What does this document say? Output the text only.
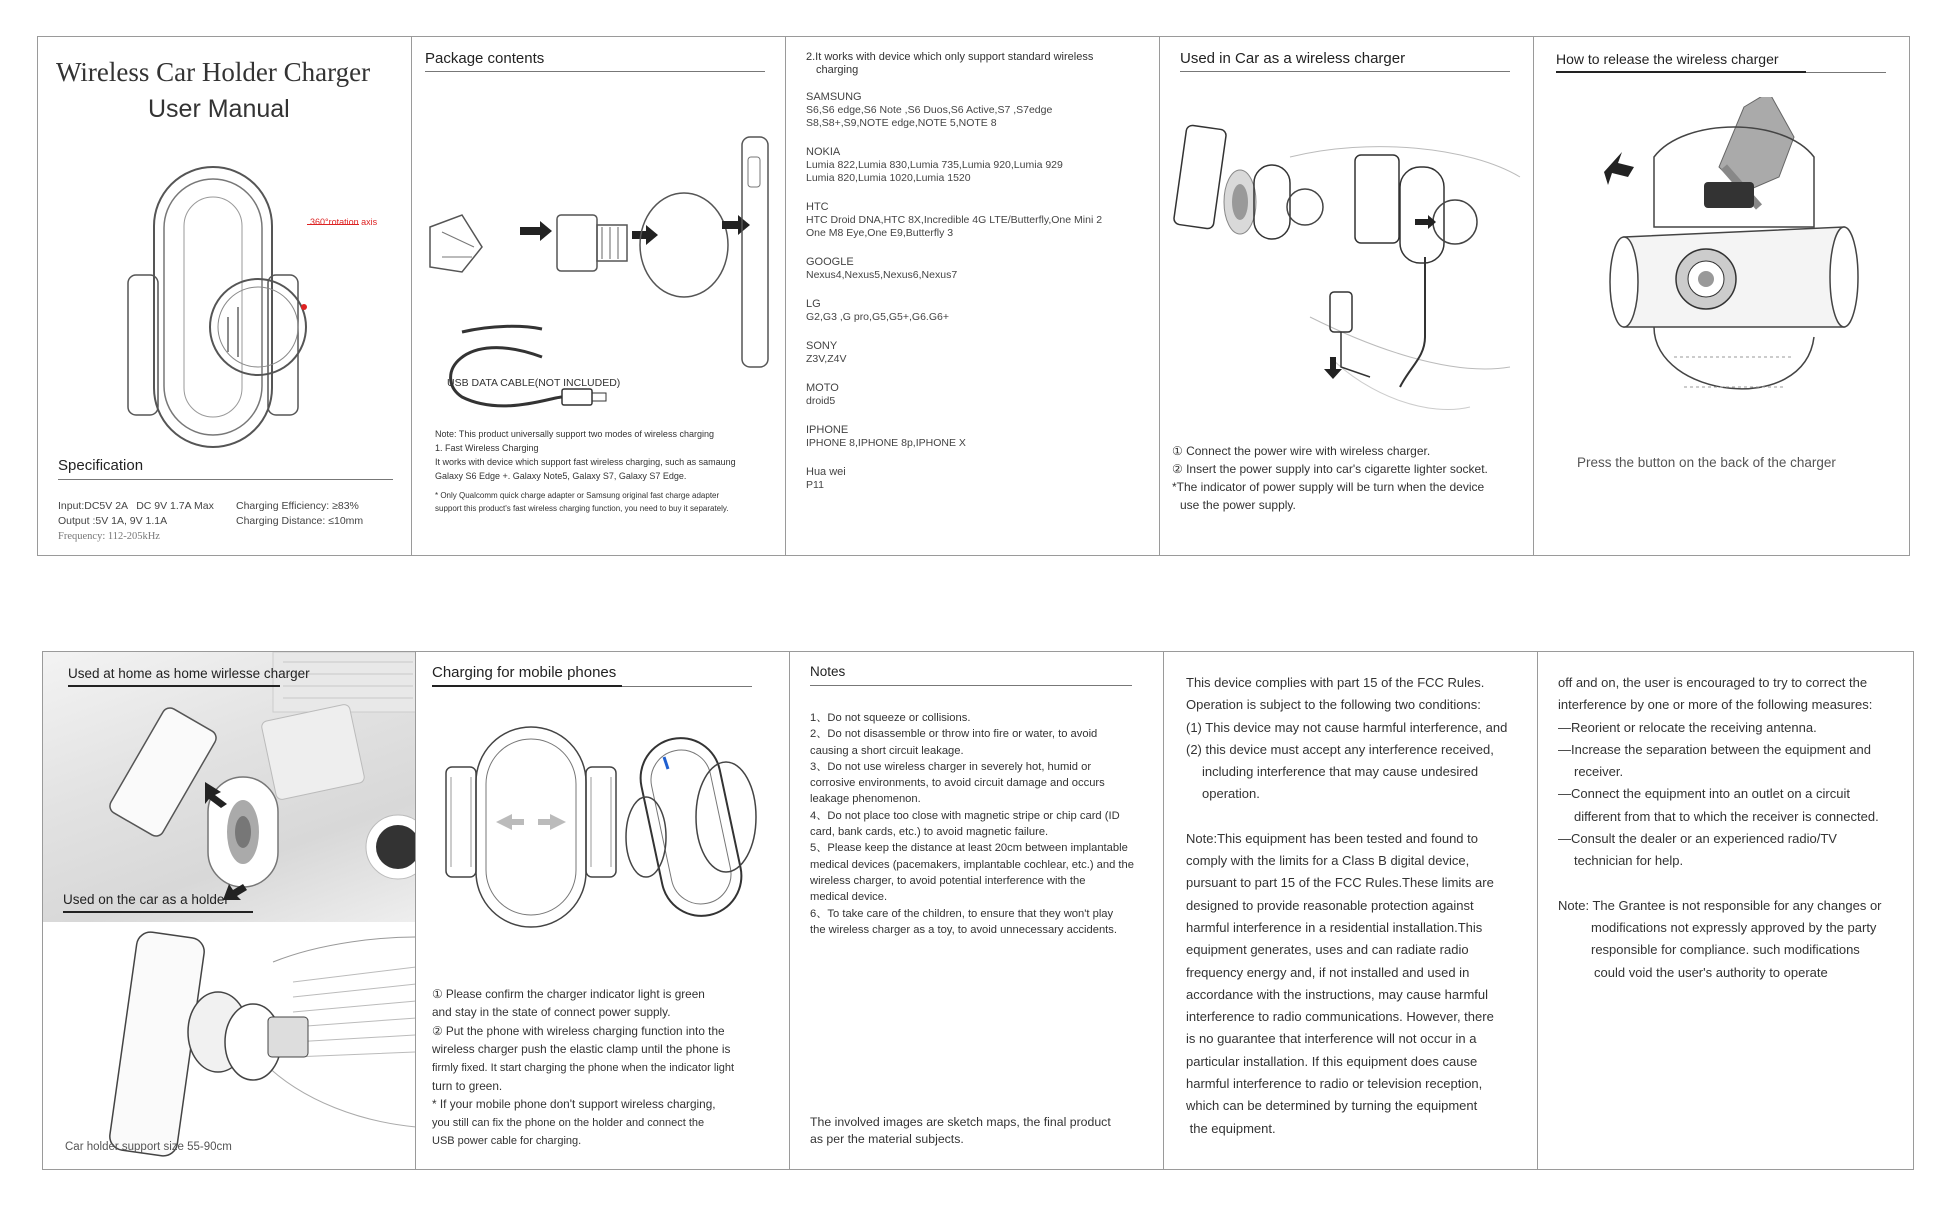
Wireless Car Holder Charger
User Manual
360°rotation axis
Specification
Input:DC5V 2A   DC 9V 1.7A Max
Output :5V 1A, 9V 1.1A
Frequency: 112-205kHz
Charging Efficiency: ≥83%
Charging Distance: ≤10mm
Package contents
USB DATA CABLE(NOT INCLUDED)
Note: This product universally support two modes of wireless charging
1. Fast Wireless Charging
It works with device which support fast wireless charging, such as samaung
Galaxy S6 Edge +. Galaxy Note5, Galaxy S7, Galaxy S7 Edge.
* Only Qualcomm quick charge adapter or Samsung original fast charge adapter
support this product's fast wireless charging function, you need to buy it separately.
2.It works with device which only support standard wireless
charging
SAMSUNG
S6,S6 edge,S6 Note ,S6 Duos,S6 Active,S7 ,S7edge
S8,S8+,S9,NOTE edge,NOTE 5,NOTE 8
NOKIA
Lumia 822,Lumia 830,Lumia 735,Lumia 920,Lumia 929
Lumia 820,Lumia 1020,Lumia 1520
HTC
HTC Droid DNA,HTC 8X,Incredible 4G LTE/Butterfly,One Mini 2
One M8 Eye,One E9,Butterfly 3
GOOGLE
Nexus4,Nexus5,Nexus6,Nexus7
LG
G2,G3 ,G pro,G5,G5+,G6.G6+
SONY
Z3V,Z4V
MOTO
droid5
IPHONE
IPHONE 8,IPHONE 8p,IPHONE X
Hua wei
P11
Used in Car as a wireless charger
① Connect the power wire with wireless charger.
② Insert the power supply into car's cigarette lighter socket.
*The indicator of power supply will be turn when the device
use the power supply.
How to release the wireless charger
Press the button on the back of the charger
Used at home as home wirlesse charger
Used on the car as a holder
Car holder support size 55-90cm
Charging for mobile phones
① Please confirm the charger indicator light is green
and stay in the state of connect power supply.
② Put the phone with wireless charging function into the
wireless charger push the elastic clamp until the phone is
firmly fixed. It start charging the phone when the indicator light
turn to green.
* If your mobile phone don't support wireless charging,
you still can fix the phone on the holder and connect the
USB power cable for charging.
Notes
1、Do not squeeze or collisions.
2、Do not disassemble or throw into fire or water, to avoid
causing a short circuit leakage.
3、Do not use wireless charger in severely hot, humid or
corrosive environments, to avoid circuit damage and occurs
leakage phenomenon.
4、Do not place too close with magnetic stripe or chip card (ID
card, bank cards, etc.) to avoid magnetic failure.
5、Please keep the distance at least 20cm between implantable
medical devices (pacemakers, implantable cochlear, etc.) and the
wireless charger, to avoid potential interference with the
medical device.
6、To take care of the children, to ensure that they won't play
the wireless charger as a toy, to avoid unnecessary accidents.
The involved images are sketch maps, the final product
as per the material subjects.
This device complies with part 15 of the FCC Rules.
Operation is subject to the following two conditions:
(1) This device may not cause harmful interference, and
(2) this device must accept any interference received,
including interference that may cause undesired
operation.
Note:This equipment has been tested and found to
comply with the limits for a Class B digital device,
pursuant to part 15 of the FCC Rules.These limits are
designed to provide reasonable protection against
harmful interference in a residential installation.This
equipment generates, uses and can radiate radio
frequency energy and, if not installed and used in
accordance with the instructions, may cause harmful
interference to radio communications. However, there
is no guarantee that interference will not occur in a
particular installation. If this equipment does cause
harmful interference to radio or television reception,
which can be determined by turning the equipment
the equipment.
off and on, the user is encouraged to try to correct the
interference by one or more of the following measures:
—Reorient or relocate the receiving antenna.
—Increase the separation between the equipment and
receiver.
—Connect the equipment into an outlet on a circuit
different from that to which the receiver is connected.
—Consult the dealer or an experienced radio/TV
technician for help.
Note: The Grantee is not responsible for any changes or
modifications not expressly approved by the party
responsible for compliance. such modifications
could void the user's authority to operate
